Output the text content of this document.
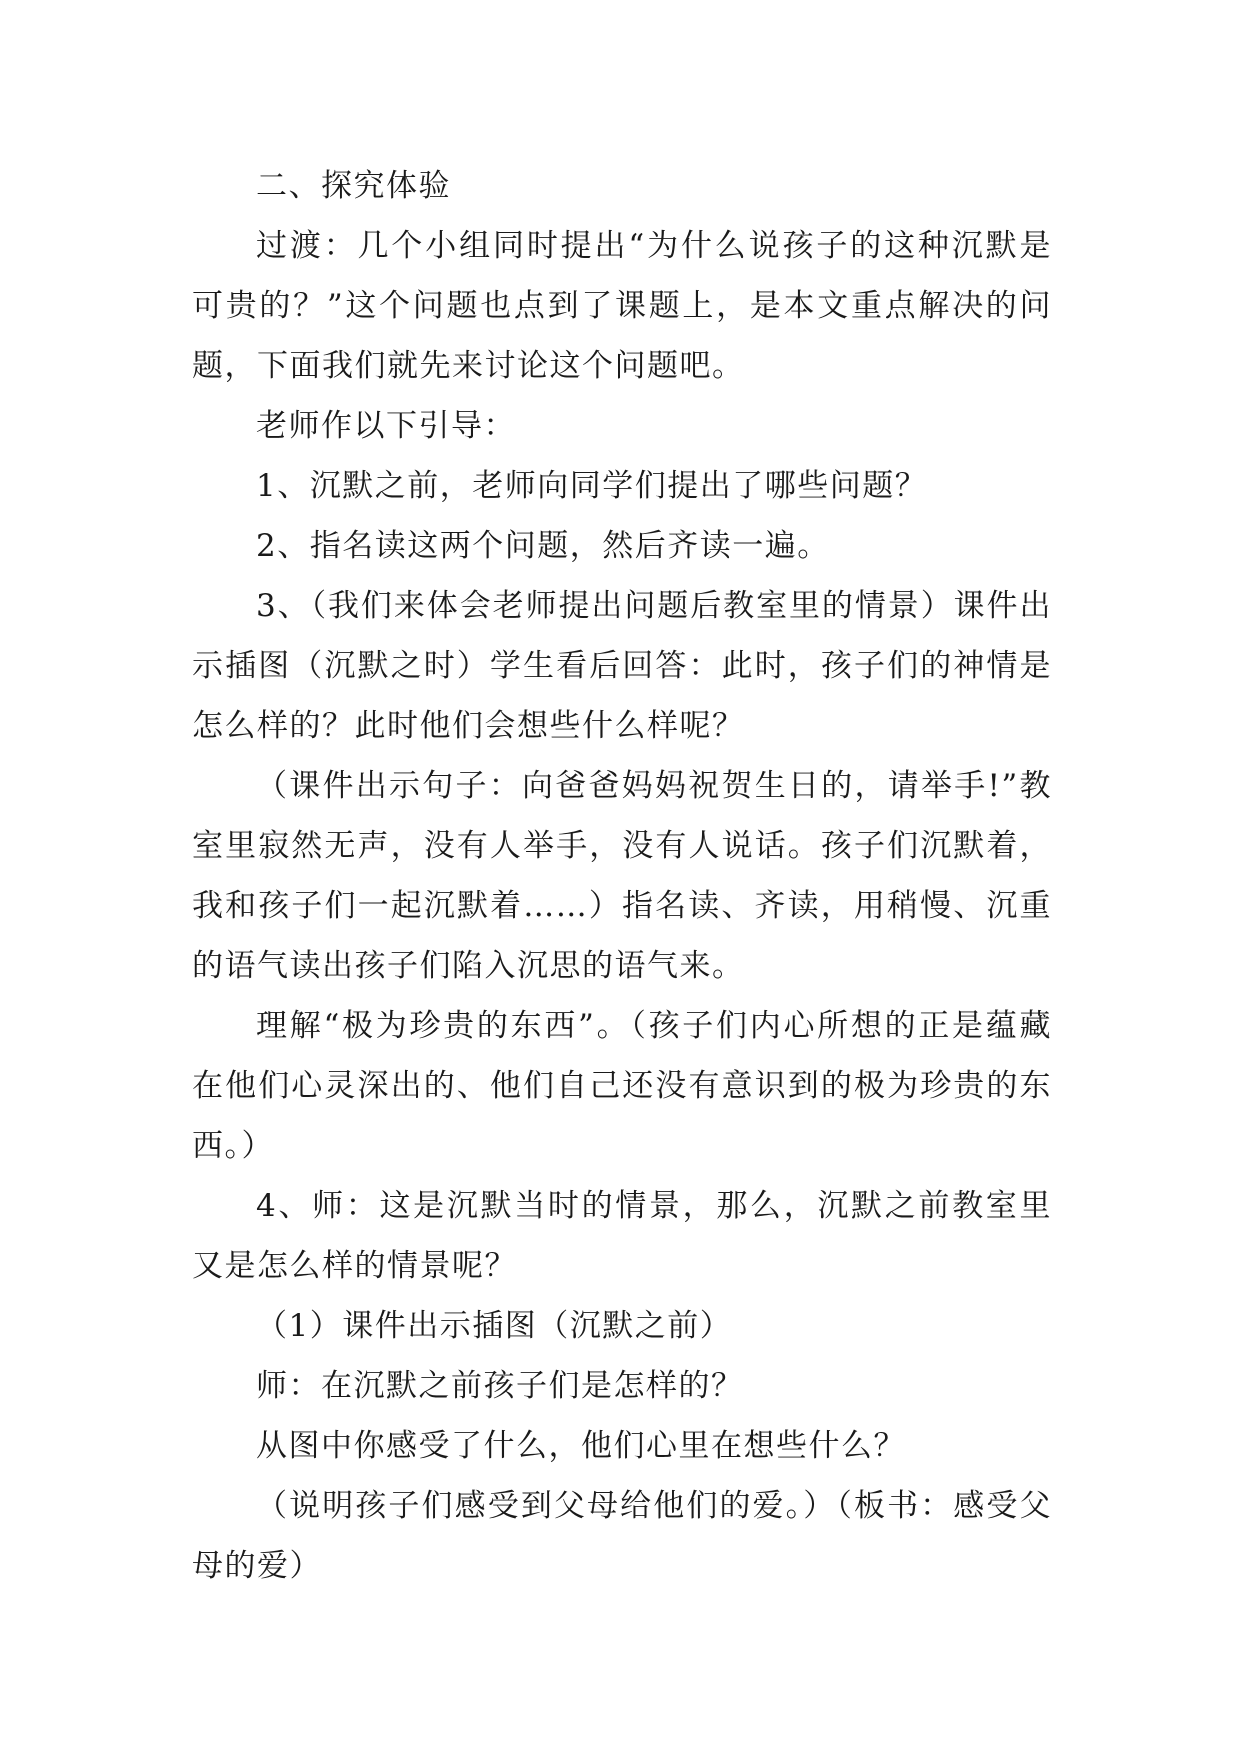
二、探究体验

过渡：几个小组同时提出“为什么说孩子的这种沉默是可贵的？”这个问题也点到了课题上，是本文重点解决的问题，下面我们就先来讨论这个问题吧。

老师作以下引导：

1、沉默之前，老师向同学们提出了哪些问题？

2、指名读这两个问题，然后齐读一遍。

3、（我们来体会老师提出问题后教室里的情景）课件出示插图（沉默之时）学生看后回答：此时，孩子们的神情是怎么样的？此时他们会想些什么样呢？

（课件出示句子：向爸爸妈妈祝贺生日的，请举手!”教室里寂然无声，没有人举手，没有人说话。孩子们沉默着，我和孩子们一起沉默着……）指名读、齐读，用稍慢、沉重的语气读出孩子们陷入沉思的语气来。

理解“极为珍贵的东西”。（孩子们内心所想的正是蕴藏在他们心灵深出的、他们自己还没有意识到的极为珍贵的东西。）

4、师：这是沉默当时的情景，那么，沉默之前教室里又是怎么样的情景呢？

（1）课件出示插图（沉默之前）

师：在沉默之前孩子们是怎样的？

从图中你感受了什么，他们心里在想些什么？

（说明孩子们感受到父母给他们的爱。）（板书：感受父母的爱）
